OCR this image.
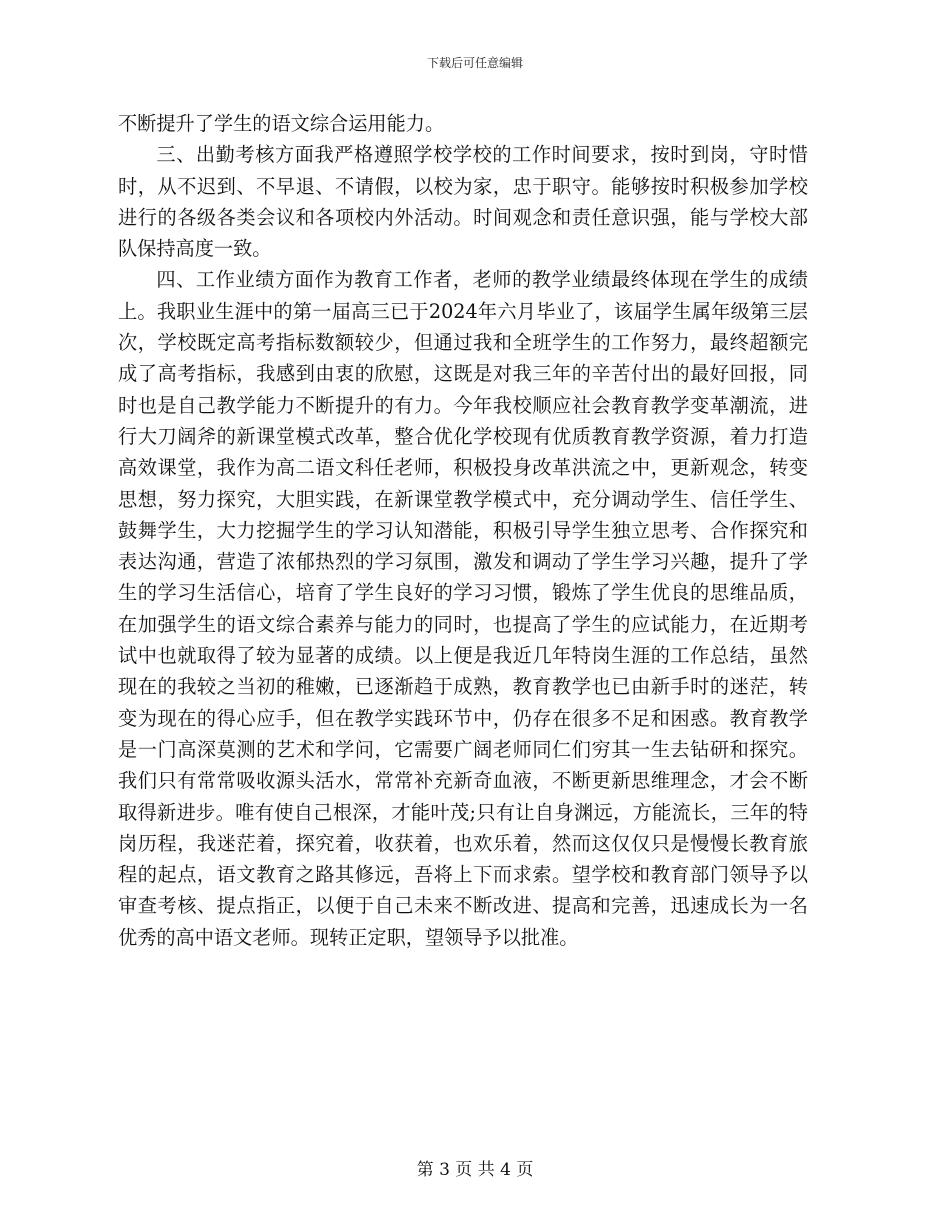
下载后可任意编辑

不断提升了学生的语文综合运用能力。

三、出勤考核方面我严格遵照学校学校的工作时间要求，按时到岗，守时惜时，从不迟到、不早退、不请假，以校为家，忠于职守。能够按时积极参加学校进行的各级各类会议和各项校内外活动。时间观念和责任意识强，能与学校大部队保持高度一致。

四、工作业绩方面作为教育工作者，老师的教学业绩最终体现在学生的成绩上。我职业生涯中的第一届高三已于2024年六月毕业了，该届学生属年级第三层次，学校既定高考指标数额较少，但通过我和全班学生的工作努力，最终超额完成了高考指标，我感到由衷的欣慰，这既是对我三年的辛苦付出的最好回报，同时也是自己教学能力不断提升的有力。今年我校顺应社会教育教学变革潮流，进行大刀阔斧的新课堂模式改革，整合优化学校现有优质教育教学资源，着力打造高效课堂，我作为高二语文科任老师，积极投身改革洪流之中，更新观念，转变思想，努力探究，大胆实践，在新课堂教学模式中，充分调动学生、信任学生、鼓舞学生，大力挖掘学生的学习认知潜能，积极引导学生独立思考、合作探究和表达沟通，营造了浓郁热烈的学习氛围，激发和调动了学生学习兴趣，提升了学生的学习生活信心，培育了学生良好的学习习惯，锻炼了学生优良的思维品质，在加强学生的语文综合素养与能力的同时，也提高了学生的应试能力，在近期考试中也就取得了较为显著的成绩。以上便是我近几年特岗生涯的工作总结，虽然现在的我较之当初的稚嫩，已逐渐趋于成熟，教育教学也已由新手时的迷茫，转变为现在的得心应手，但在教学实践环节中，仍存在很多不足和困惑。教育教学是一门高深莫测的艺术和学问，它需要广阔老师同仁们穷其一生去钻研和探究。我们只有常常吸收源头活水，常常补充新奇血液，不断更新思维理念，才会不断取得新进步。唯有使自己根深，才能叶茂;只有让自身渊远，方能流长，三年的特岗历程，我迷茫着，探究着，收获着，也欢乐着，然而这仅仅只是慢慢长教育旅程的起点，语文教育之路其修远，吾将上下而求索。望学校和教育部门领导予以审查考核、提点指正，以便于自己未来不断改进、提高和完善，迅速成长为一名优秀的高中语文老师。现转正定职，望领导予以批准。

第 3 页 共 4 页
